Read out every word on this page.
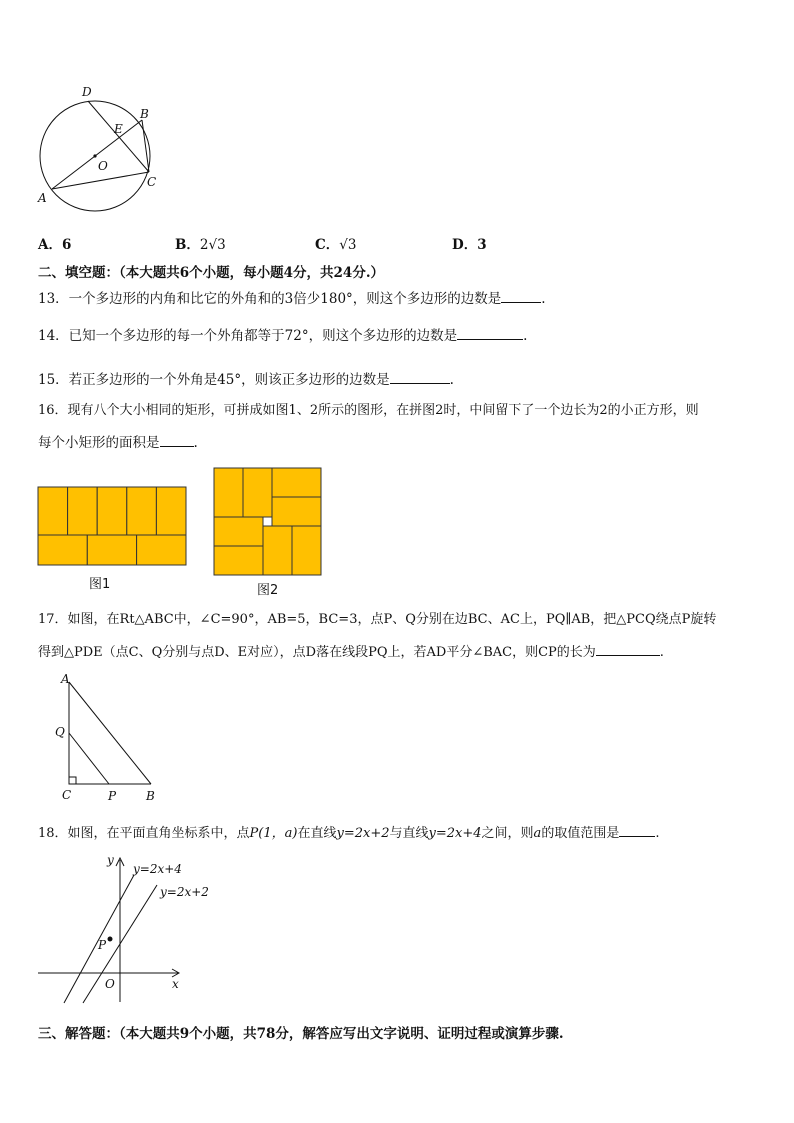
D
B
E
O
C
A
A．6	B．2√3	C．√3	D．3
二、填空题：（本大题共6个小题，每小题4分，共24分.）
13．一个多边形的内角和比它的外角和的3倍少180°，则这个多边形的边数是	.
14．已知一个多边形的每一个外角都等于72°，则这个多边形的边数是	.
15．若正多边形的一个外角是45°，则该正多边形的边数是	.
16．现有八个大小相同的矩形，可拼成如图1、2所示的图形，在拼图2时，中间留下了一个边长为2的小正方形，则
每个小矩形的面积是	.
图1	图2
17．如图，在Rt△ABC中，∠C=90°，AB=5，BC=3，点P、Q分别在边BC、AC上，PQ∥AB，把△PCQ绕点P旋转
得到△PDE（点C、Q分别与点D、E对应），点D落在线段PQ上，若AD平分∠BAC，则CP的长为	.
A
Q
C	P B
18．如图，在平面直角坐标系中，点P(1，a)在直线y=2x+2与直线y=2x+4之间，则a的取值范围是	.
y
x
O
P
y=2x+4
y=2x+2
三、解答题：（本大题共9个小题，共78分，解答应写出文字说明、证明过程或演算步骤.
